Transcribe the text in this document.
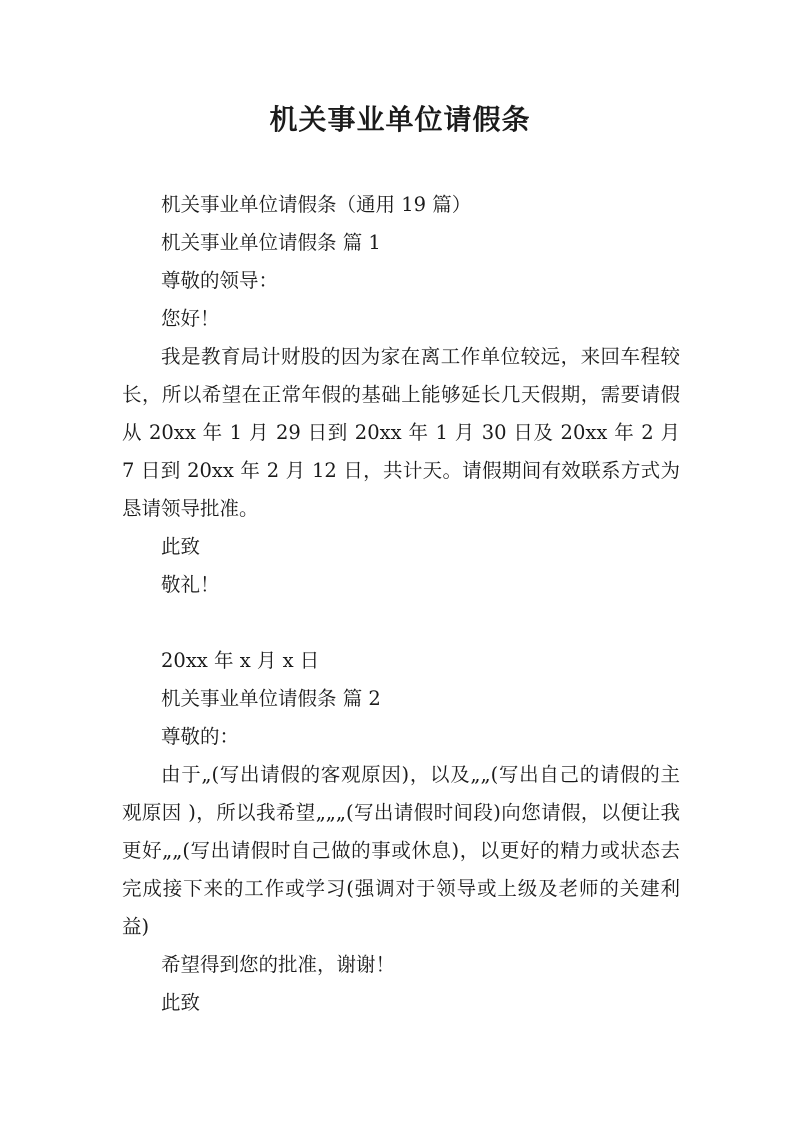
机关事业单位请假条

机关事业单位请假条（通用 19 篇）

机关事业单位请假条 篇 1

尊敬的领导：

您好！

我是教育局计财股的因为家在离工作单位较远，来回车程较长，所以希望在正常年假的基础上能够延长几天假期，需要请假从 20xx 年 1 月 29 日到 20xx 年 1 月 30 日及 20xx 年 2 月 7 日到 20xx 年 2 月 12 日，共计天。请假期间有效联系方式为恳请领导批准。

此致

敬礼！

20xx 年 x 月 x 日

机关事业单位请假条 篇 2

尊敬的：

由于„(写出请假的客观原因)，以及„„(写出自己的请假的主观原因 )，所以我希望„„„(写出请假时间段)向您请假，以便让我更好„„(写出请假时自己做的事或休息)，以更好的精力或状态去完成接下来的工作或学习(强调对于领导或上级及老师的关建利益)

希望得到您的批准，谢谢！

此致
